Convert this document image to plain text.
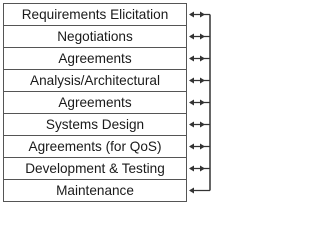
Requirements Elicitation
Negotiations
Agreements
Analysis/Architectural
Agreements
Systems Design
Agreements (for QoS)
Development & Testing
Maintenance
